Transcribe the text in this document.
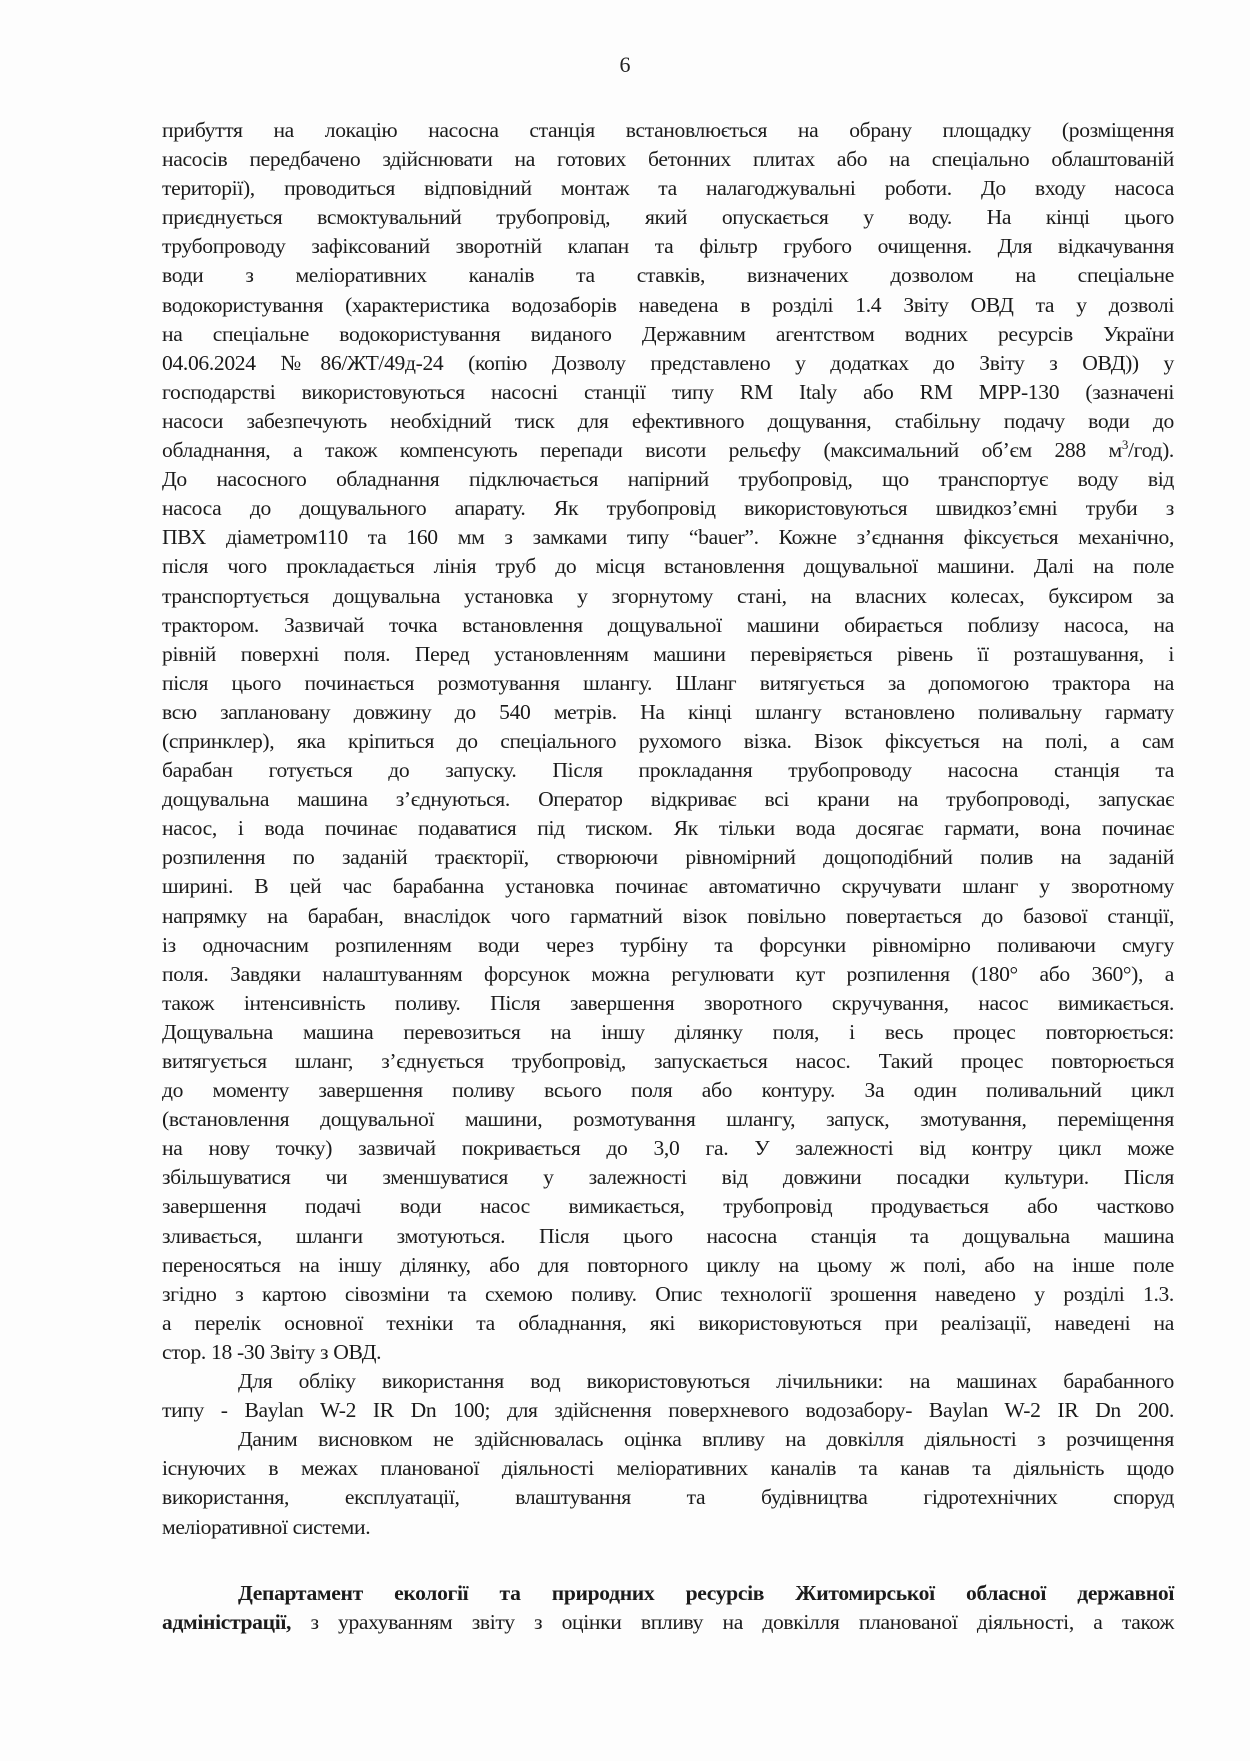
6
прибуття на локацію насосна станція встановлюється на обрану площадку (розміщення
насосів передбачено здійснювати на готових бетонних плитах або на спеціально облаштованій
території), проводиться відповідний монтаж та налагоджувальні роботи. До входу насоса
приєднується всмоктувальний трубопровід, який опускається у воду. На кінці цього
трубопроводу зафіксований зворотній клапан та фільтр грубого очищення. Для відкачування
води з меліоративних каналів та ставків, визначених дозволом на спеціальне
водокористування (характеристика водозаборів наведена в розділі 1.4 Звіту ОВД та у дозволі
на спеціальне водокористування виданого Державним агентством водних ресурсів України
04.06.2024 №86/ЖТ/49д-24 (копію Дозволу представлено у додатках до Звіту з ОВД)) у
господарстві використовуються насосні станції типу RM Italy або RM MPP-130 (зазначені
насоси забезпечують необхідний тиск для ефективного дощування, стабільну подачу води до
обладнання, а також компенсують перепади висоти рельєфу (максимальний об’єм 288 $м^3/год$).
До насосного обладнання підключається напірний трубопровід, що транспортує воду від
насоса до дощувального апарату. Як трубопровід використовуються швидкоз’ємні труби з
ПВХ діаметром110 та 160 мм з замками типу “bauer”. Кожне з’єднання фіксується механічно,
після чого прокладається лінія труб до місця встановлення дощувальної машини. Далі на поле
транспортується дощувальна установка у згорнутому стані, на власних колесах, буксиром за
трактором. Зазвичай точка встановлення дощувальної машини обирається поблизу насоса, на
рівній поверхні поля. Перед установленням машини перевіряється рівень її розташування, і
після цього починається розмотування шлангу. Шланг витягується за допомогою трактора на
всю заплановану довжину до 540 метрів. На кінці шлангу встановлено поливальну гармату
(спринклер), яка кріпиться до спеціального рухомого візка. Візок фіксується на полі, а сам
барабан готується до запуску. Після прокладання трубопроводу насосна станція та
дощувальна машина з’єднуються. Оператор відкриває всі крани на трубопроводі, запускає
насос, і вода починає подаватися під тиском. Як тільки вода досягає гармати, вона починає
розпилення по заданій траєкторії, створюючи рівномірний дощоподібний полив на заданій
ширині. В цей час барабанна установка починає автоматично скручувати шланг у зворотному
напрямку на барабан, внаслідок чого гарматний візок повільно повертається до базової станції,
із одночасним розпиленням води через турбіну та форсунки рівномірно поливаючи смугу
поля. Завдяки налаштуванням форсунок можна регулювати кут розпилення (180° або 360°), а
також інтенсивність поливу. Після завершення зворотного скручування, насос вимикається.
Дощувальна машина перевозиться на іншу ділянку поля, і весь процес повторюється:
витягується шланг, з’єднується трубопровід, запускається насос. Такий процес повторюється
до моменту завершення поливу всього поля або контуру. За один поливальний цикл
(встановлення дощувальної машини, розмотування шлангу, запуск, змотування, переміщення
на нову точку) зазвичай покривається до 3,0 га. У залежності від контру цикл може
збільшуватися чи зменшуватися у залежності від довжини посадки культури. Після
завершення подачі води насос вимикається, трубопровід продувається або частково
зливається, шланги змотуються. Після цього насосна станція та дощувальна машина
переносяться на іншу ділянку, або для повторного циклу на цьому ж полі, або на інше поле
згідно з картою сівозміни та схемою поливу. Опис технології зрошення наведено у розділі 1.3.
а перелік основної техніки та обладнання, які використовуються при реалізації, наведені на
стор. 18 -30 Звіту з ОВД.
Для обліку використання вод використовуються лічильники: на машинах барабанного
типу - Baylan W-2 IR Dn 100; для здійснення поверхневого водозабору- Baylan W-2 IR Dn 200.
Даним висновком не здійснювалась оцінка впливу на довкілля діяльності з розчищення
існуючих в межах планованої діяльності меліоративних каналів та канав та діяльність щодо
використання, експлуатації, влаштування та будівництва гідротехнічних споруд
меліоративної системи.
Департамент екології та природних ресурсів Житомирської обласної державної
адміністрації, з урахуванням звіту з оцінки впливу на довкілля планованої діяльності, а також
